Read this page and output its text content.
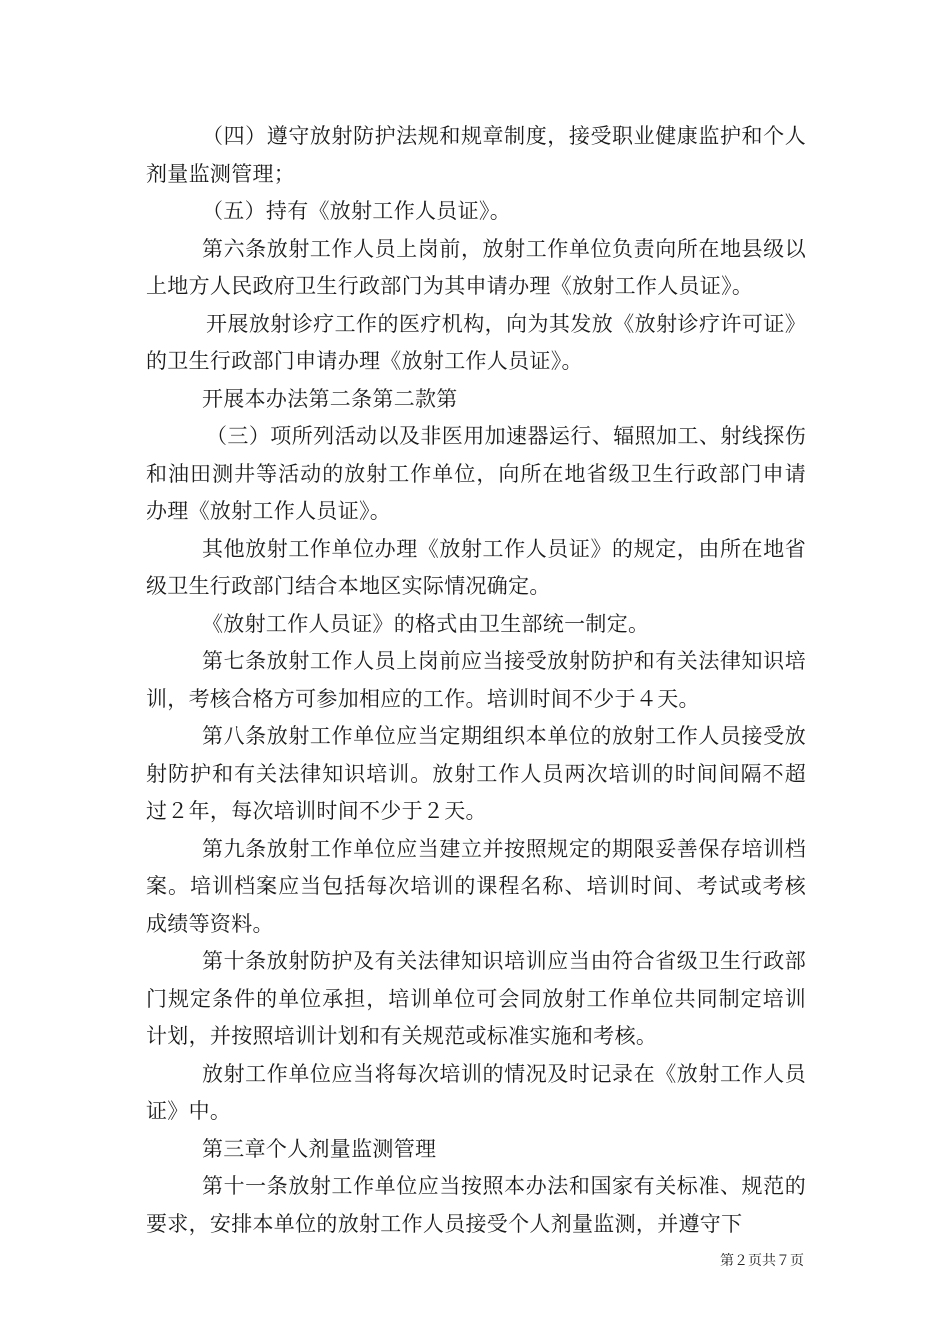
（四）遵守放射防护法规和规章制度，接受职业健康监护和个人剂量监测管理；

（五）持有《放射工作人员证》。

第六条放射工作人员上岗前，放射工作单位负责向所在地县级以上地方人民政府卫生行政部门为其申请办理《放射工作人员证》。

开展放射诊疗工作的医疗机构，向为其发放《放射诊疗许可证》的卫生行政部门申请办理《放射工作人员证》。

开展本办法第二条第二款第

（三）项所列活动以及非医用加速器运行、辐照加工、射线探伤和油田测井等活动的放射工作单位，向所在地省级卫生行政部门申请办理《放射工作人员证》。

其他放射工作单位办理《放射工作人员证》的规定，由所在地省级卫生行政部门结合本地区实际情况确定。

《放射工作人员证》的格式由卫生部统一制定。

第七条放射工作人员上岗前应当接受放射防护和有关法律知识培训，考核合格方可参加相应的工作。培训时间不少于４天。

第八条放射工作单位应当定期组织本单位的放射工作人员接受放射防护和有关法律知识培训。放射工作人员两次培训的时间间隔不超过２年，每次培训时间不少于２天。

第九条放射工作单位应当建立并按照规定的期限妥善保存培训档案。培训档案应当包括每次培训的课程名称、培训时间、考试或考核成绩等资料。

第十条放射防护及有关法律知识培训应当由符合省级卫生行政部门规定条件的单位承担，培训单位可会同放射工作单位共同制定培训计划，并按照培训计划和有关规范或标准实施和考核。

放射工作单位应当将每次培训的情况及时记录在《放射工作人员证》中。

第三章个人剂量监测管理

第十一条放射工作单位应当按照本办法和国家有关标准、规范的要求，安排本单位的放射工作人员接受个人剂量监测，并遵守下

第２页共７页
